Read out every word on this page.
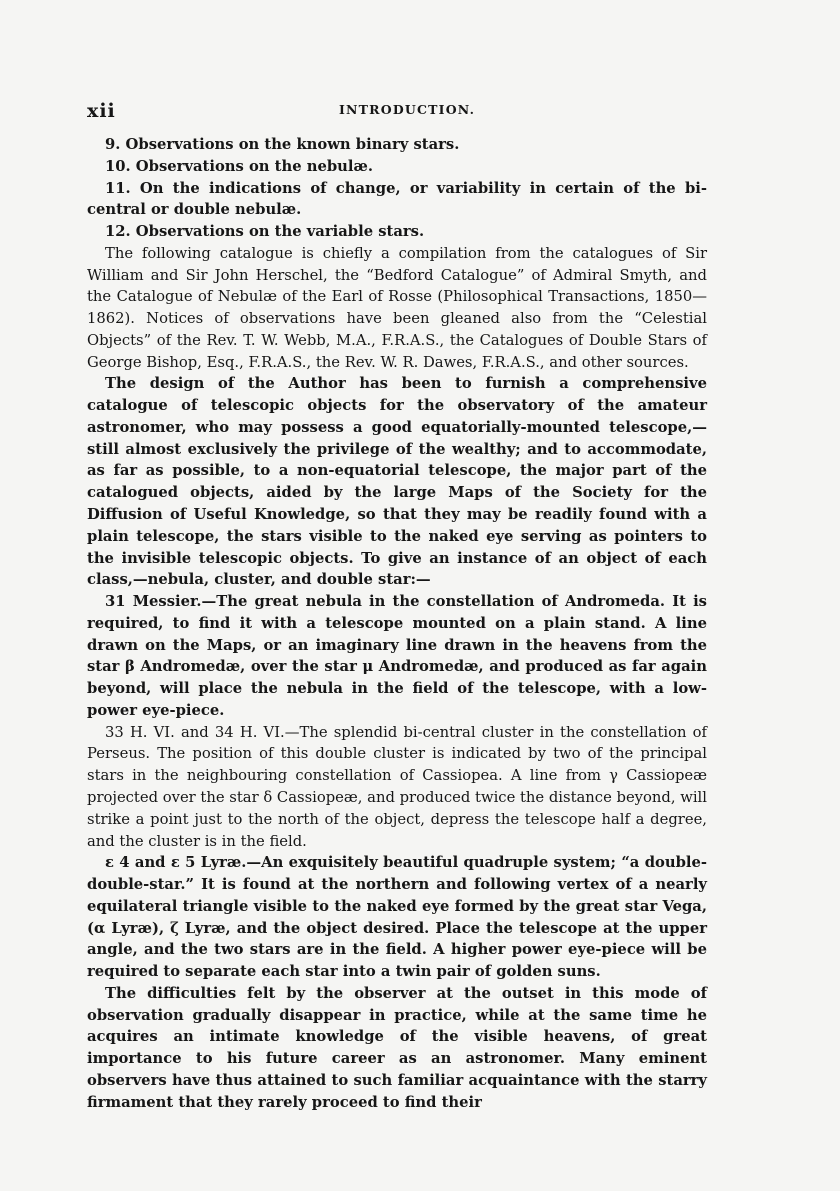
xii	INTRODUCTION.

9. Observations on the known binary stars.

10. Observations on the nebulæ.

11. On the indications of change, or variability in certain of the bi-central or double nebulæ.

12. Observations on the variable stars.

The following catalogue is chiefly a compilation from the catalogues of Sir William and Sir John Herschel, the “Bedford Catalogue” of Admiral Smyth, and the Catalogue of Nebulæ of the Earl of Rosse (Philosophical Transactions, 1850—1862). Notices of observations have been gleaned also from the “Celestial Objects” of the Rev. T. W. Webb, M.A., F.R.A.S., the Catalogues of Double Stars of George Bishop, Esq., F.R.A.S., the Rev. W. R. Dawes, F.R.A.S., and other sources.

The design of the Author has been to furnish a comprehensive catalogue of telescopic objects for the observatory of the amateur astronomer, who may possess a good equatorially-mounted telescope,—still almost exclusively the privilege of the wealthy; and to accommodate, as far as possible, to a non-equatorial telescope, the major part of the catalogued objects, aided by the large Maps of the Society for the Diffusion of Useful Knowledge, so that they may be readily found with a plain telescope, the stars visible to the naked eye serving as pointers to the invisible telescopic objects. To give an instance of an object of each class,—nebula, cluster, and double star:—

31 Messier.—The great nebula in the constellation of Andromeda. It is required, to find it with a telescope mounted on a plain stand. A line drawn on the Maps, or an imaginary line drawn in the heavens from the star β Andromedæ, over the star μ Andromedæ, and produced as far again beyond, will place the nebula in the field of the telescope, with a low-power eye-piece.

33 H. VI. and 34 H. VI.—The splendid bi-central cluster in the constellation of Perseus. The position of this double cluster is indicated by two of the principal stars in the neighbouring constellation of Cassiopea. A line from γ Cassiopeæ projected over the star δ Cassiopeæ, and produced twice the distance beyond, will strike a point just to the north of the object, depress the telescope half a degree, and the cluster is in the field.

ε 4 and ε 5 Lyræ.—An exquisitely beautiful quadruple system; “a double-double-star.” It is found at the northern and following vertex of a nearly equilateral triangle visible to the naked eye formed by the great star Vega, (α Lyræ), ζ Lyræ, and the object desired. Place the telescope at the upper angle, and the two stars are in the field. A higher power eye-piece will be required to separate each star into a twin pair of golden suns.

The difficulties felt by the observer at the outset in this mode of observation gradually disappear in practice, while at the same time he acquires an intimate knowledge of the visible heavens, of great importance to his future career as an astronomer. Many eminent observers have thus attained to such familiar acquaintance with the starry firmament that they rarely proceed to find their
